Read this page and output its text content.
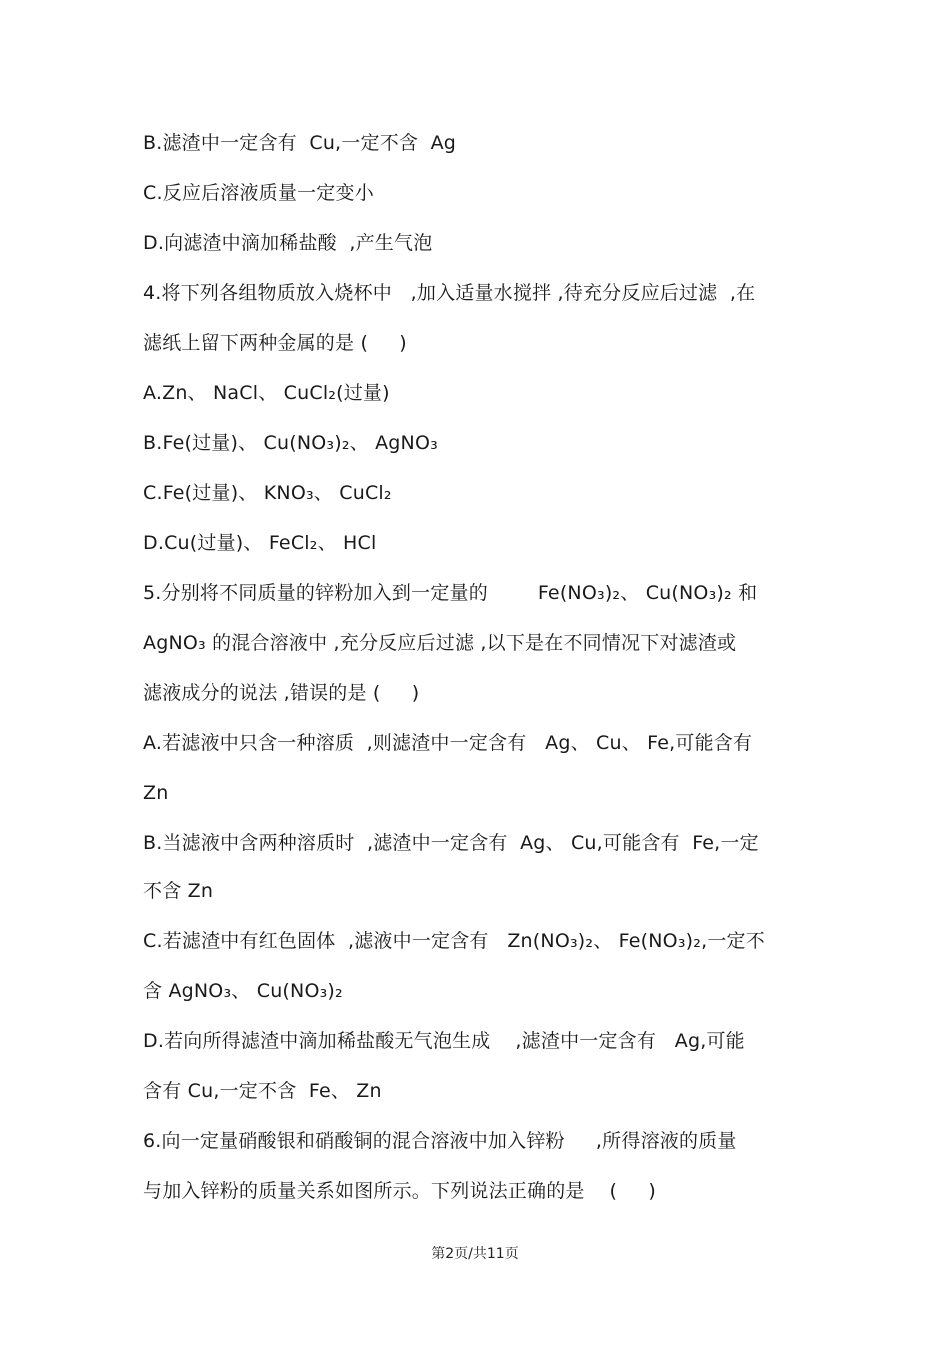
B.滤渣中一定含有  Cu,一定不含  Ag
C.反应后溶液质量一定变小
D.向滤渣中滴加稀盐酸  ,产生气泡
4.将下列各组物质放入烧杯中   ,加入适量水搅拌 ,待充分反应后过滤  ,在
滤纸上留下两种金属的是 (     )
A.Zn、 NaCl、 CuCl₂(过量)
B.Fe(过量)、 Cu(NO₃)₂、 AgNO₃
C.Fe(过量)、 KNO₃、 CuCl₂
D.Cu(过量)、 FeCl₂、 HCl
5.分别将不同质量的锌粉加入到一定量的        Fe(NO₃)₂、 Cu(NO₃)₂ 和
AgNO₃ 的混合溶液中 ,充分反应后过滤 ,以下是在不同情况下对滤渣或
滤液成分的说法 ,错误的是 (     )
A.若滤液中只含一种溶质  ,则滤渣中一定含有   Ag、 Cu、 Fe,可能含有
Zn
B.当滤液中含两种溶质时  ,滤渣中一定含有  Ag、 Cu,可能含有  Fe,一定
不含 Zn
C.若滤渣中有红色固体  ,滤液中一定含有   Zn(NO₃)₂、 Fe(NO₃)₂,一定不
含 AgNO₃、 Cu(NO₃)₂
D.若向所得滤渣中滴加稀盐酸无气泡生成    ,滤渣中一定含有   Ag,可能
含有 Cu,一定不含  Fe、 Zn
6.向一定量硝酸银和硝酸铜的混合溶液中加入锌粉     ,所得溶液的质量
与加入锌粉的质量关系如图所示。下列说法正确的是    (     )
第2页/共11页
